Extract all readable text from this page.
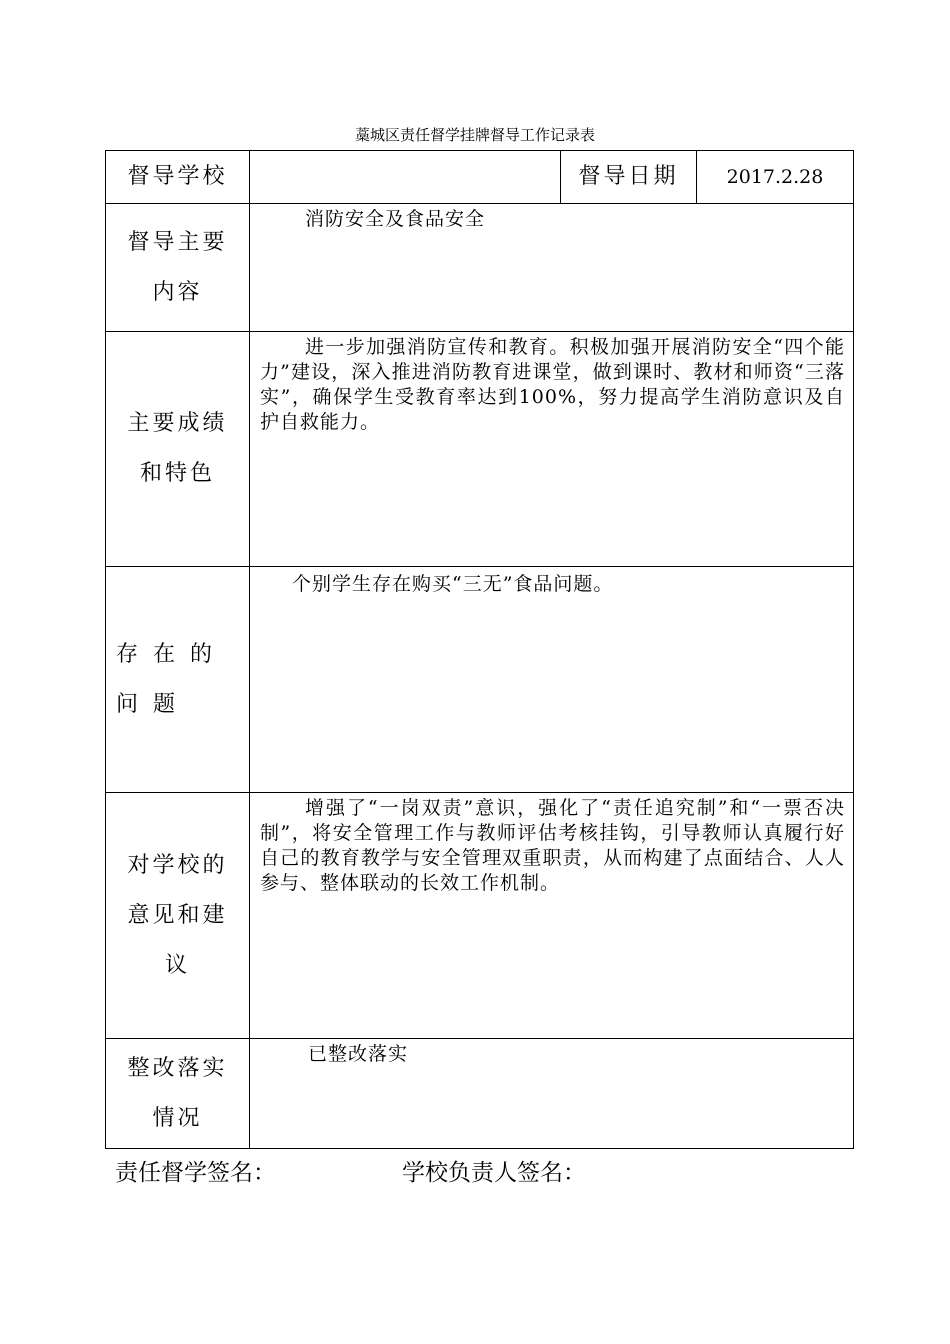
藁城区责任督学挂牌督导工作记录表
督导学校		督导日期	2017.2.28
督导主要内容	消防安全及食品安全		

主要成绩和特色	进一步加强消防宣传和教育。积极加强开展消防安全“四个能力”建设，深入推进消防教育进课堂，做到课时、教材和师资“三落实”，确保学生受教育率达到100%，努力提高学生消防意识及自护自救能力。		

存在的问题	个别学生存在购买“三无”食品问题。		

对学校的意见和建议	增强了“一岗双责”意识，强化了“责任追究制”和“一票否决制”，将安全管理工作与教师评估考核挂钩，引导教师认真履行好自己的教育教学与安全管理双重职责，从而构建了点面结合、人人参与、整体联动的长效工作机制。		

整改落实情况	已整改落实		
责任督学签名：	学校负责人签名：
